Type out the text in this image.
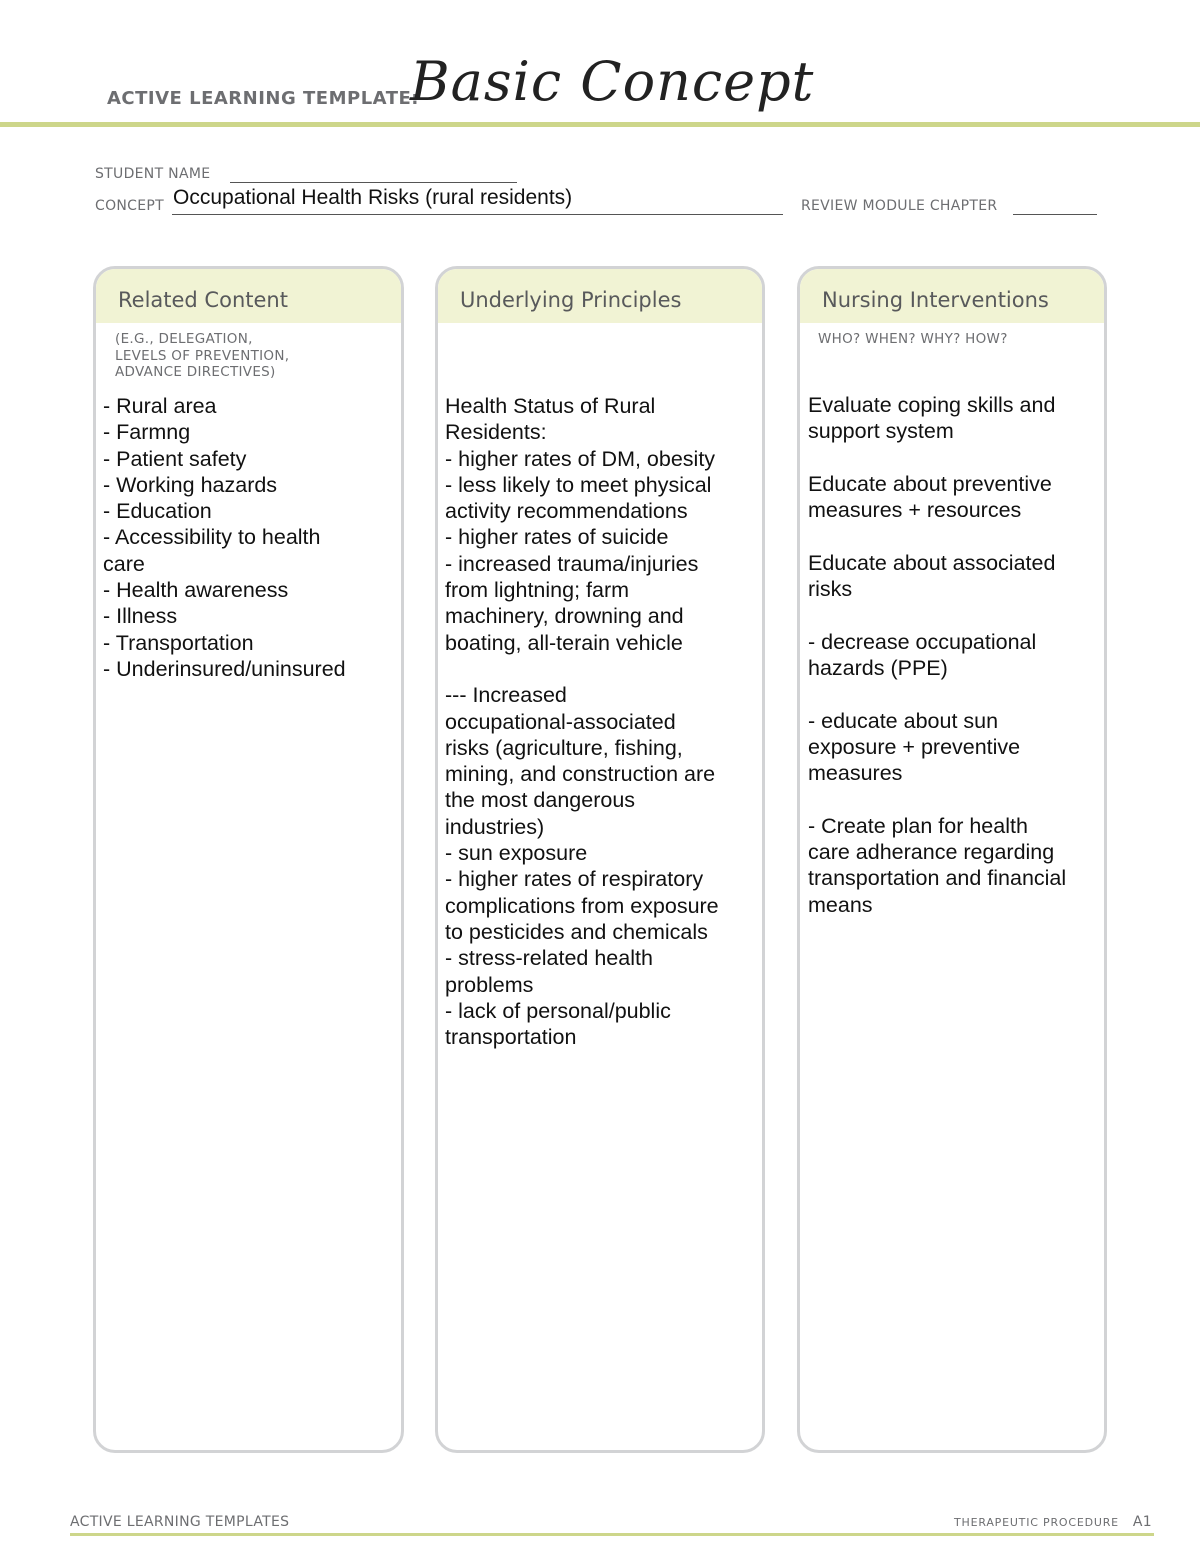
ACTIVE LEARNING TEMPLATE:
Basic Concept
STUDENT NAME
CONCEPT Occupational Health Risks (rural residents)	REVIEW MODULE CHAPTER
Related Content
(E.G., DELEGATION,
LEVELS OF PREVENTION,
ADVANCE DIRECTIVES)
- Rural area
- Farmng
- Patient safety
- Working hazards
- Education
- Accessibility to health
care
- Health awareness
- Illness
- Transportation
- Underinsured/uninsured
Underlying Principles
Health Status of Rural
Residents:
- higher rates of DM, obesity
- less likely to meet physical
activity recommendations
- higher rates of suicide
- increased trauma/injuries
from lightning; farm
machinery, drowning and
boating, all-terain vehicle
--- Increased
occupational-associated
risks (agriculture, fishing,
mining, and construction are
the most dangerous
industries)
- sun exposure
- higher rates of respiratory
complications from exposure
to pesticides and chemicals
- stress-related health
problems
- lack of personal/public
transportation
Nursing Interventions
WHO? WHEN? WHY? HOW?
Evaluate coping skills and
support system
Educate about preventive
measures + resources
Educate about associated
risks
- decrease occupational
hazards (PPE)
- educate about sun
exposure + preventive
measures
- Create plan for health
care adherance regarding
transportation and financial
means
ACTIVE LEARNING TEMPLATES	THERAPEUTIC PROCEDURE A1
